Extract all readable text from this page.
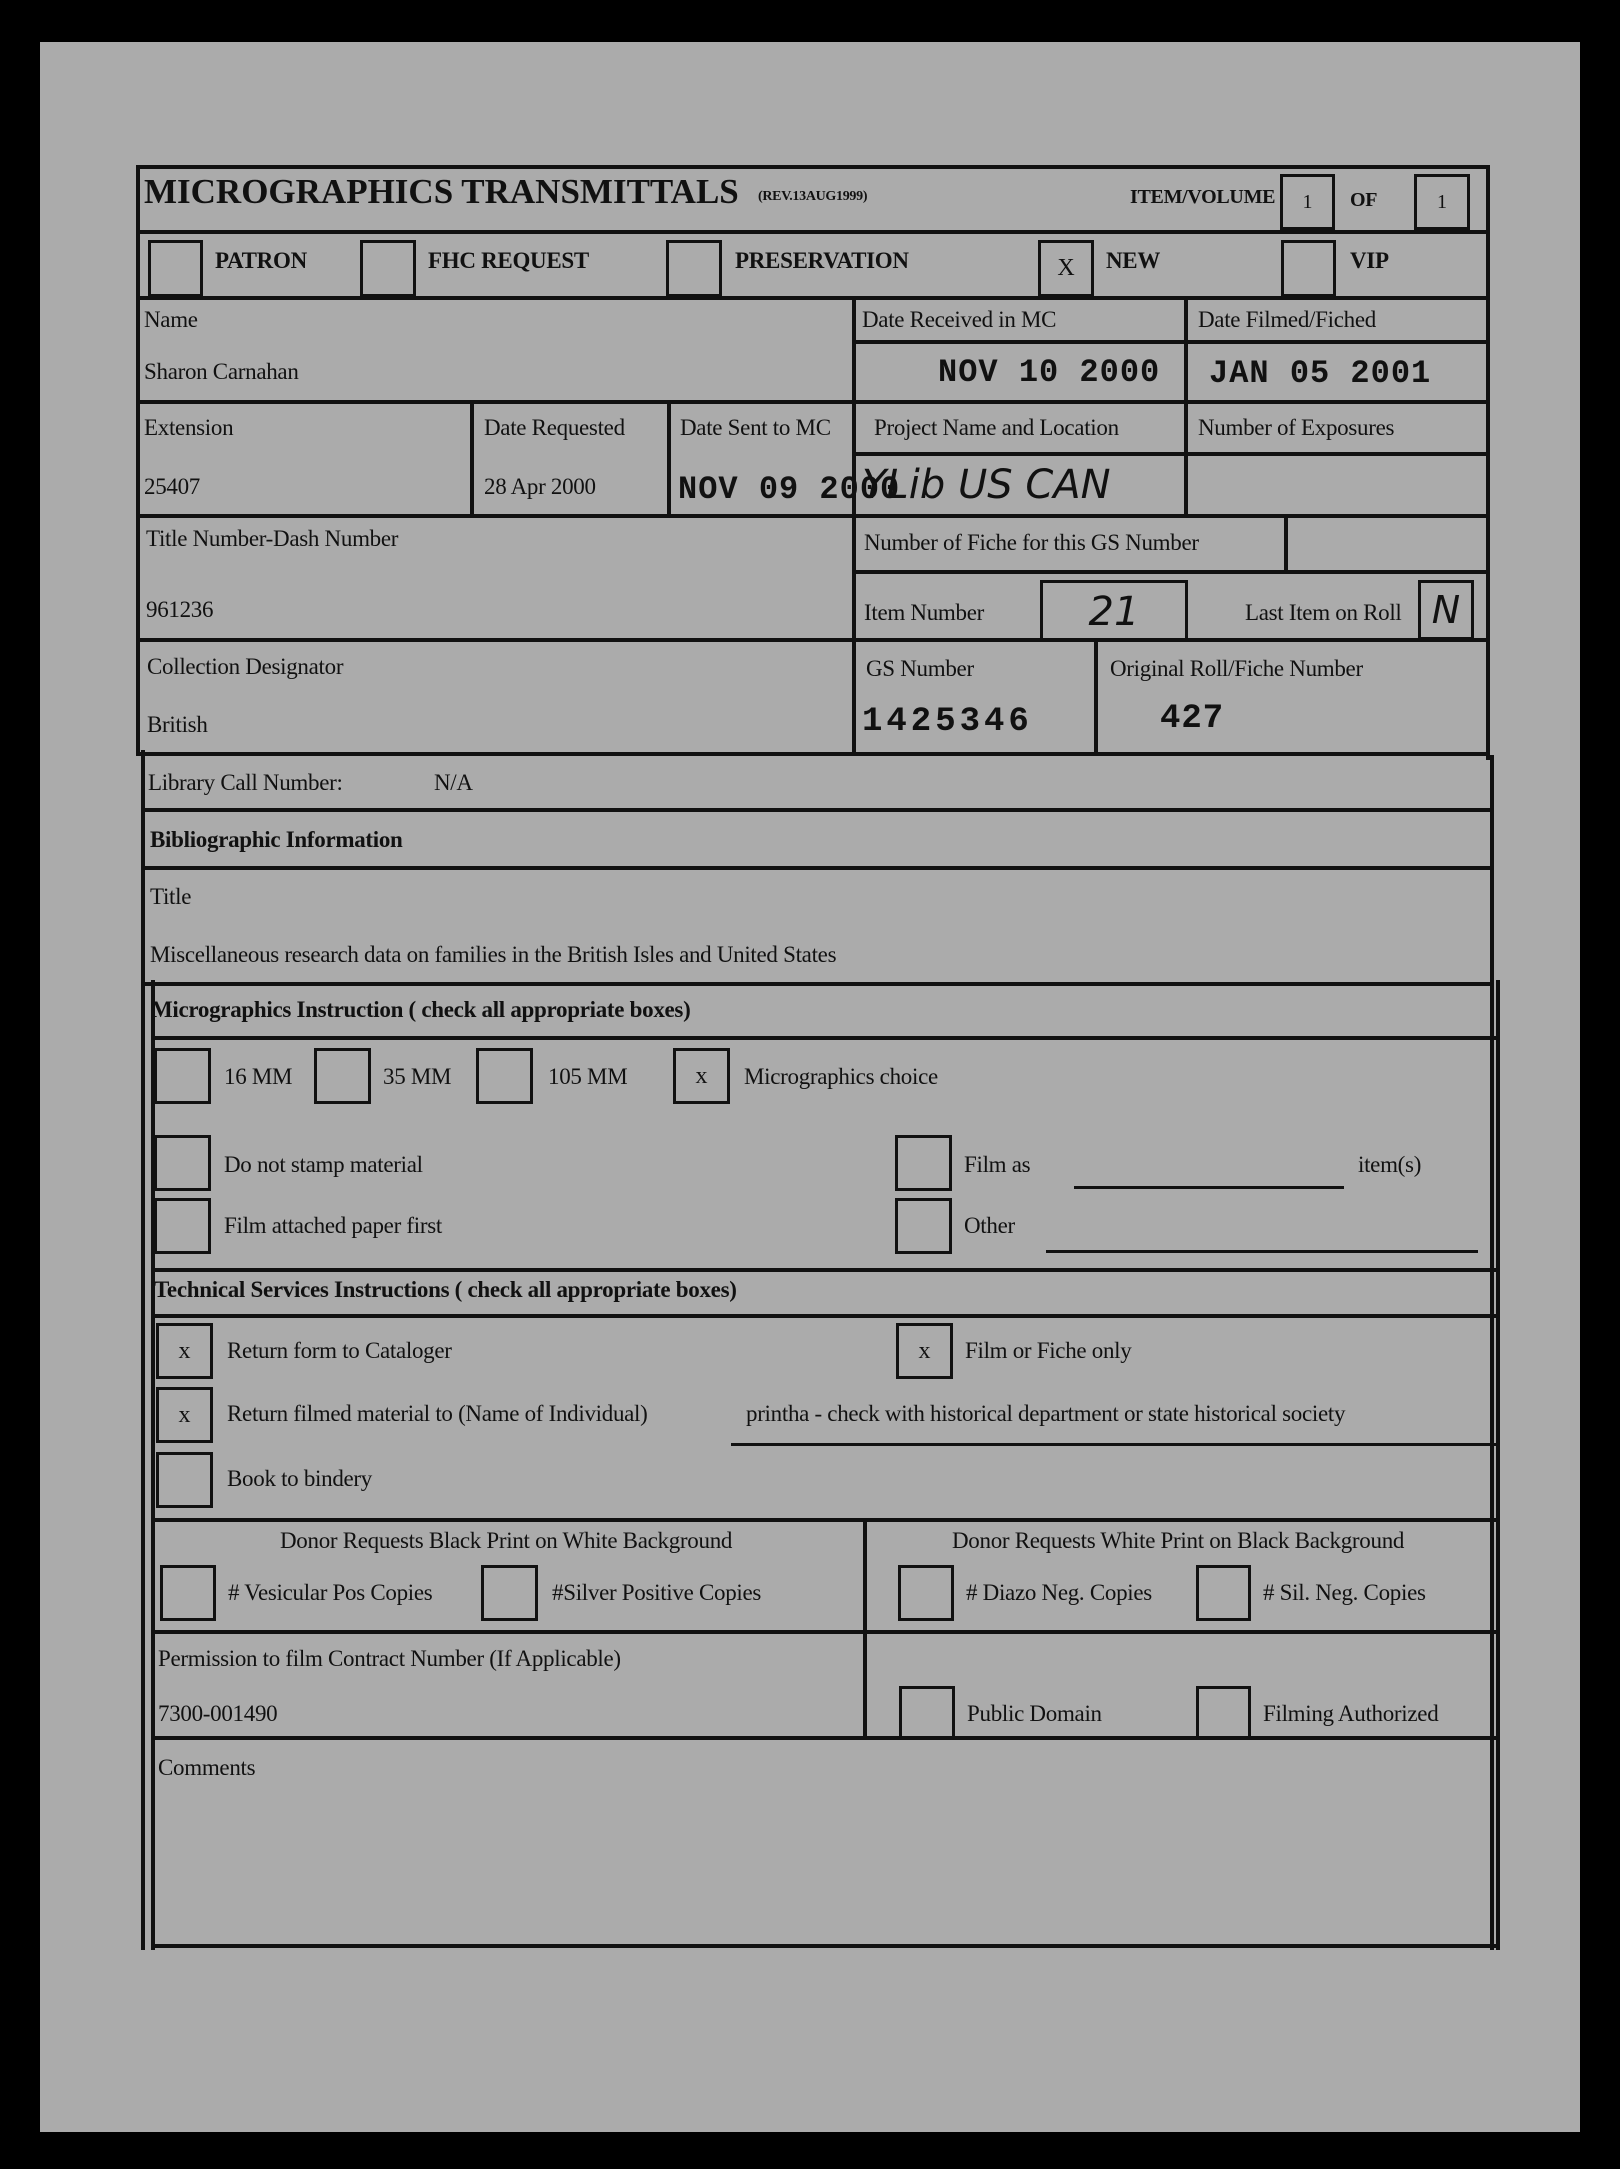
MICROGRAPHICS TRANSMITTALS (REV.13AUG1999)	ITEM/VOLUME	1	OF	1
PATRON	FHC REQUEST	PRESERVATION	X	NEW	VIP
Name
Sharon Carnahan
Date Received in MC
NOV 10 2000
Date Filmed/Fiched
JAN 05 2001
Extension
25407
Date Requested
28 Apr 2000
Date Sent to MC
NOV 09 2000
Project Name and Location
YLib US CAN
Number of Exposures
Title Number-Dash Number
961236
Number of Fiche for this GS Number
Item Number	21	Last Item on Roll N
Collection Designator
British
GS Number
1425346
Original Roll/Fiche Number
427
Library Call Number:	N/A
Bibliographic Information
Title
Miscellaneous research data on families in the British Isles and United States
Micrographics Instruction ( check all appropriate boxes)
16 MM	35 MM	105 MM	x	Micrographics choice
Do not stamp material	Film as	item(s)
Film attached paper first	Other
Technical Services Instructions ( check all appropriate boxes)
x	Return form to Cataloger	x	Film or Fiche only
x	Return filmed material to (Name of Individual)	printha - check with historical department or state historical society
Book to bindery
Donor Requests Black Print on White Background	Donor Requests White Print on Black Background
# Vesicular Pos Copies	#Silver Positive Copies	# Diazo Neg. Copies	# Sil. Neg. Copies
Permission to film Contract Number (If Applicable)
7300-001490	Public Domain	Filming Authorized
Comments
